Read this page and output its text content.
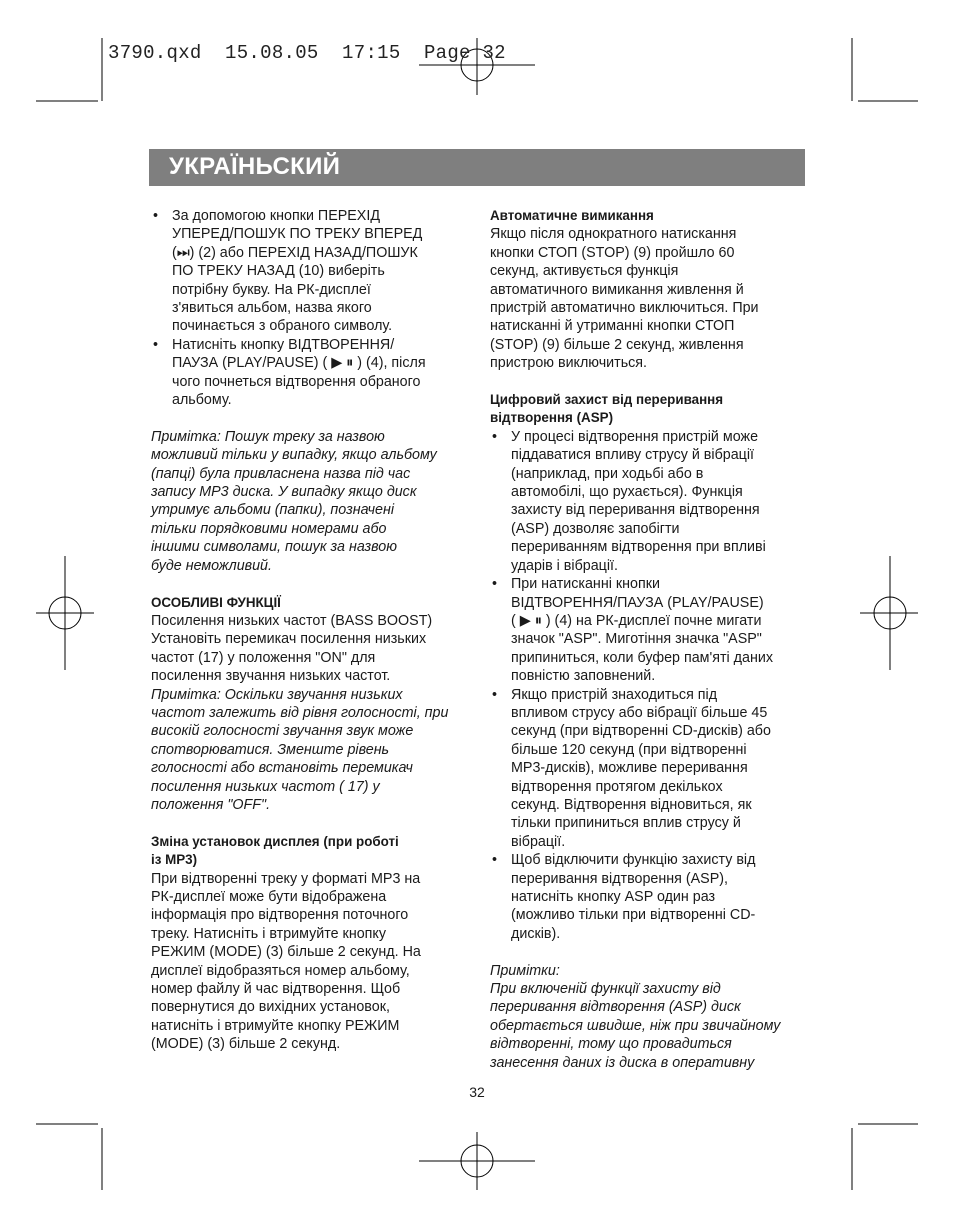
3790.qxd  15.08.05  17:15  Page 32
УКРАЇНЬСКИЙ
• За допомогою кнопки ПЕРЕХІД
УПЕРЕД/ПОШУК ПО ТРЕКУ ВПЕРЕД
(⏭) (2) або ПЕРЕХІД НАЗАД/ПОШУК
ПО ТРЕКУ НАЗАД (10) виберіть
потрібну букву. На РК-дисплеї
з'явиться альбом, назва якого
починається з обраного символу.
• Натисніть кнопку ВІДТВОРЕННЯ/
ПАУЗА (PLAY/PAUSE) ( ▶ ⏸ ) (4), після
чого почнеться відтворення обраного
альбому.
Примітка: Пошук треку за назвою
можливий тільки у випадку, якщо альбому
(папці) була привласнена назва під час
запису MP3 диска. У випадку якщо диск
утримує альбоми (папки), позначені
тільки порядковими номерами або
іншими символами, пошук за назвою
буде неможливий.
ОСОБЛИВІ ФУНКЦІЇ
Посилення низьких частот (BASS BOOST)
Установіть перемикач посилення низьких
частот (17) у положення "ON" для
посилення звучання низьких частот.
Примітка: Оскільки звучання низьких
частот залежить від рівня голосності, при
високій голосності звучання звук може
спотворюватися. Зменште рівень
голосності або встановіть перемикач
посилення низьких частот ( 17) у
положення "OFF".
Зміна установок дисплея (при роботі
із MP3)
При відтворенні треку у форматі MP3 на
РК-дисплеї може бути відображена
інформація про відтворення поточного
треку. Натисніть і втримуйте кнопку
РЕЖИМ (MODE) (3) більше 2 секунд. На
дисплеї відобразяться номер альбому,
номер файлу й час відтворення. Щоб
повернутися до вихідних установок,
натисніть і втримуйте кнопку РЕЖИМ
(MODE) (3) більше 2 секунд.
Автоматичне вимикання
Якщо після однократного натискання
кнопки СТОП (STOP) (9) пройшло 60
секунд, активується функція
автоматичного вимикання живлення й
пристрій автоматично виключиться. При
натисканні й утриманні кнопки СТОП
(STOP) (9) більше 2 секунд, живлення
пристрою виключиться.
Цифровий захист від переривання
відтворення (ASP)
• У процесі відтворення пристрій може
піддаватися впливу струсу й вібрації
(наприклад, при ходьбі або в
автомобілі, що рухається). Функція
захисту від переривання відтворення
(ASP) дозволяє запобігти
перериванням відтворення при впливі
ударів і вібрації.
• При натисканні кнопки
ВІДТВОРЕННЯ/ПАУЗА (PLAY/PAUSE)
( ▶ ⏸ ) (4) на РК-дисплеї почне мигати
значок "ASP". Миготіння значка "ASP"
припиниться, коли буфер пам'яті даних
повністю заповнений.
• Якщо пристрій знаходиться під
впливом струсу або вібрації більше 45
секунд (при відтворенні CD-дисків) або
більше 120 секунд (при відтворенні
MP3-дисків), можливе переривання
відтворення протягом декількох
секунд. Відтворення відновиться, як
тільки припиниться вплив струсу й
вібрації.
• Щоб відключити функцію захисту від
переривання відтворення (ASP),
натисніть кнопку ASP один раз
(можливо тільки при відтворенні CD-
дисків).
Примітки:
При включеній функції захисту від
переривання відтворення (ASP) диск
обертається швидше, ніж при звичайному
відтворенні, тому що провадиться
занесення даних із диска в оперативну
32
